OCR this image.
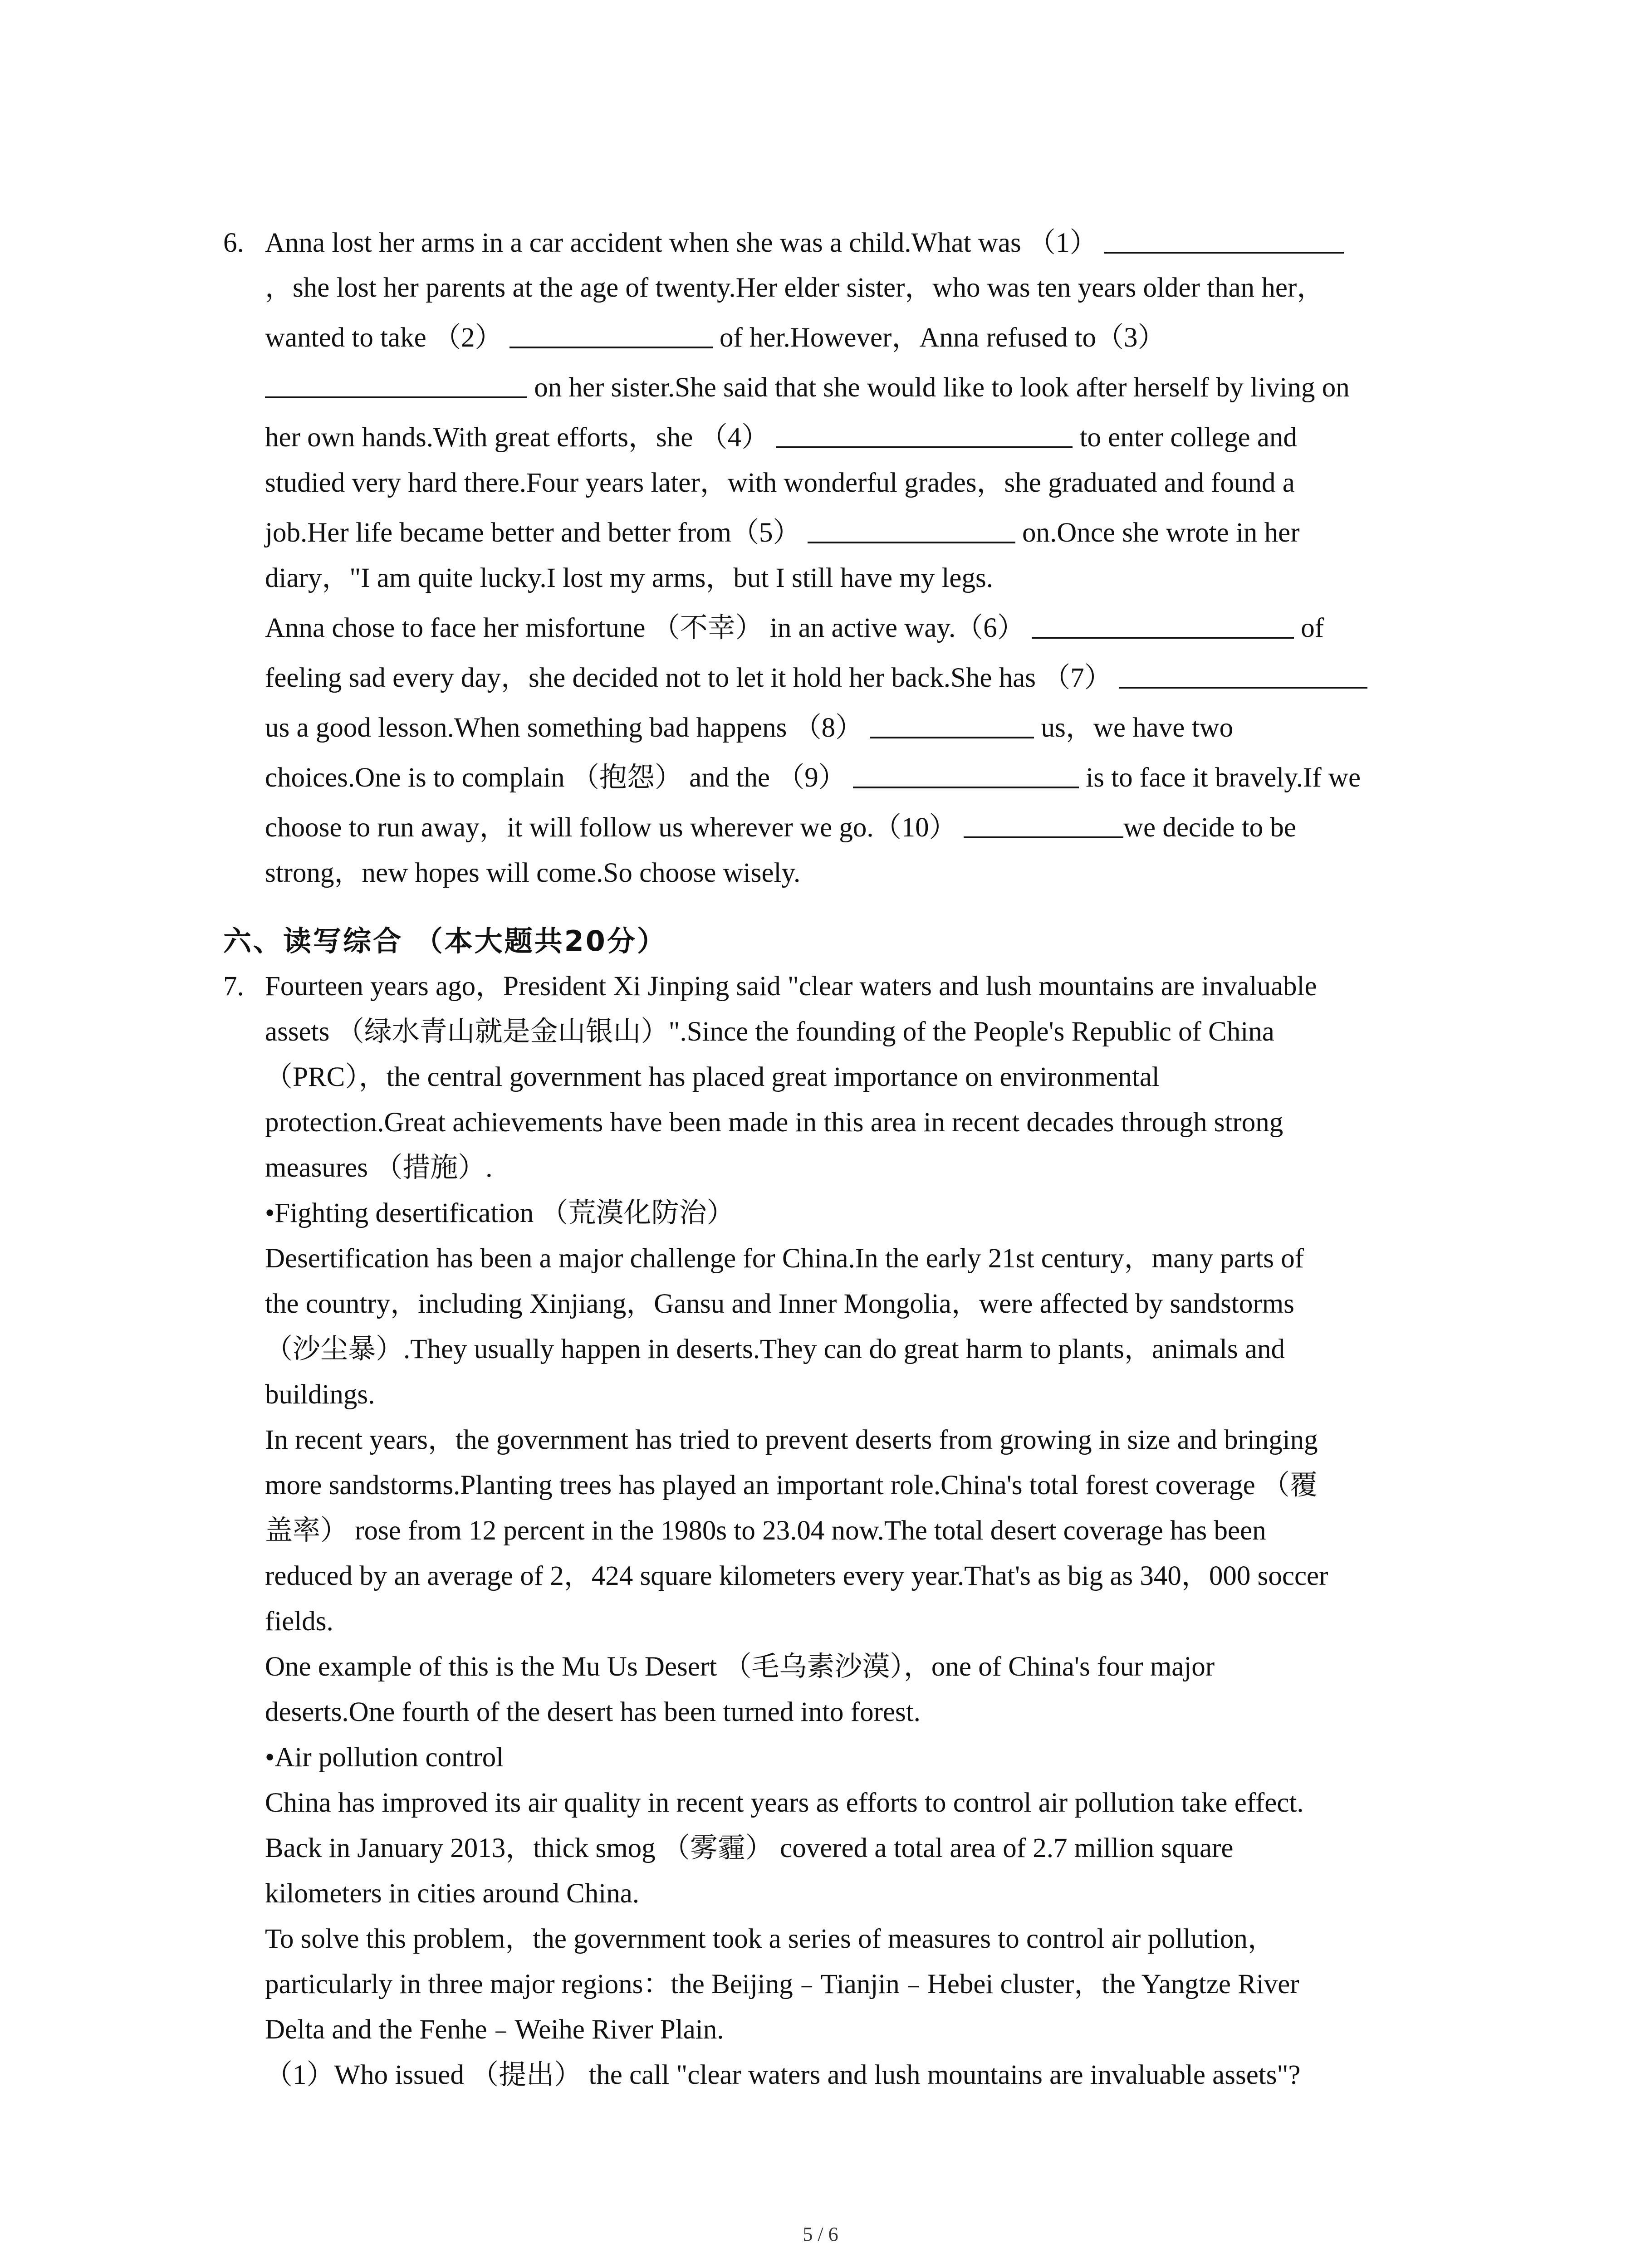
6. Anna lost her arms in a car accident when she was a child.What was （1）
，she lost her parents at the age of twenty.Her elder sister，who was ten years older than her，
wanted to take （2）	of her.However，Anna refused to（3）
on her sister.She said that she would like to look after herself by living on
her own hands.With great efforts，she （4）	to enter college and
studied very hard there.Four years later，with wonderful grades，she graduated and found a
job.Her life became better and better from（5）	on.Once she wrote in her
diary，"I am quite lucky.I lost my arms，but I still have my legs.
Anna chose to face her misfortune （不幸） in an active way.（6）	of
feeling sad every day，she decided not to let it hold her back.She has （7）
us a good lesson.When something bad happens （8）	us，we have two
choices.One is to complain （抱怨） and the （9）	is to face it bravely.If we
choose to run away，it will follow us wherever we go.（10）	we decide to be
strong，new hopes will come.So choose wisely.
六、读写综合 （本大题共20分）
7. Fourteen years ago，President Xi Jinping said "clear waters and lush mountains are invaluable
assets （绿水青山就是金山银山）".Since the founding of the People's Republic of China
（PRC），the central government has placed great importance on environmental
protection.Great achievements have been made in this area in recent decades through strong
measures （措施）.
•Fighting desertification （荒漠化防治）
Desertification has been a major challenge for China.In the early 21st century，many parts of
the country，including Xinjiang，Gansu and Inner Mongolia，were affected by sandstorms
（沙尘暴）.They usually happen in deserts.They can do great harm to plants，animals and
buildings.
In recent years，the government has tried to prevent deserts from growing in size and bringing
more sandstorms.Planting trees has played an important role.China's total forest coverage （覆
盖率） rose from 12 percent in the 1980s to 23.04 now.The total desert coverage has been
reduced by an average of 2，424 square kilometers every year.That's as big as 340，000 soccer
fields.
One example of this is the Mu Us Desert （毛乌素沙漠），one of China's four major
deserts.One fourth of the desert has been turned into forest.
•Air pollution control
China has improved its air quality in recent years as efforts to control air pollution take effect.
Back in January 2013，thick smog （雾霾） covered a total area of 2.7 million square
kilometers in cities around China.
To solve this problem，the government took a series of measures to control air pollution，
particularly in three major regions：the Beijing﹣Tianjin﹣Hebei cluster，the Yangtze River
Delta and the Fenhe﹣Weihe River Plain.
（1）Who issued （提出） the call "clear waters and lush mountains are invaluable assets"?
5 / 6
